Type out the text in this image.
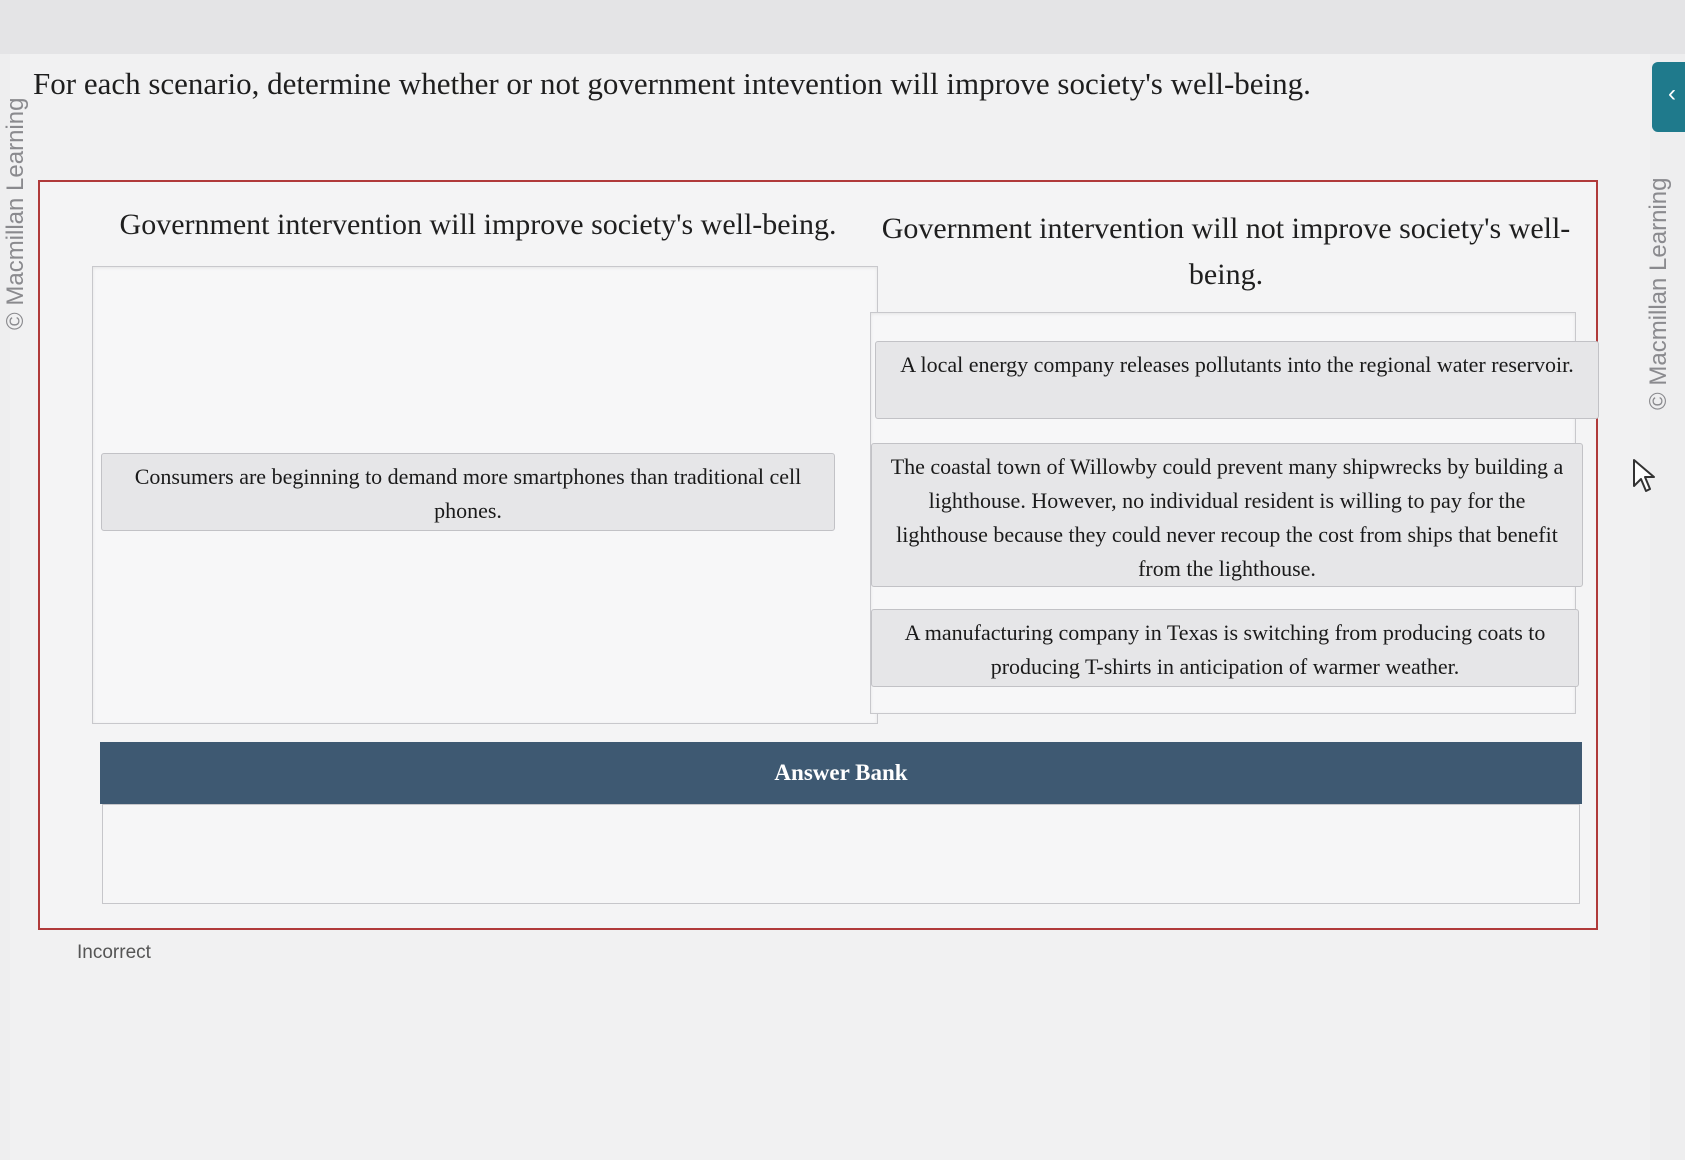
© Macmillan Learning	© Macmillan Learning
‹
For each scenario, determine whether or not government intevention will improve society's well-being.
Government intervention will improve society's well-being.	Government intervention will not improve society's well-being.
Consumers are beginning to demand more smartphones than traditional cell phones.
A local energy company releases pollutants into the regional water reservoir.
The coastal town of Willowby could prevent many shipwrecks by building a lighthouse. However, no individual resident is willing to pay for the lighthouse because they could never recoup the cost from ships that benefit from the lighthouse.
A manufacturing company in Texas is switching from producing coats to producing T-shirts in anticipation of warmer weather.
Answer Bank
Incorrect
